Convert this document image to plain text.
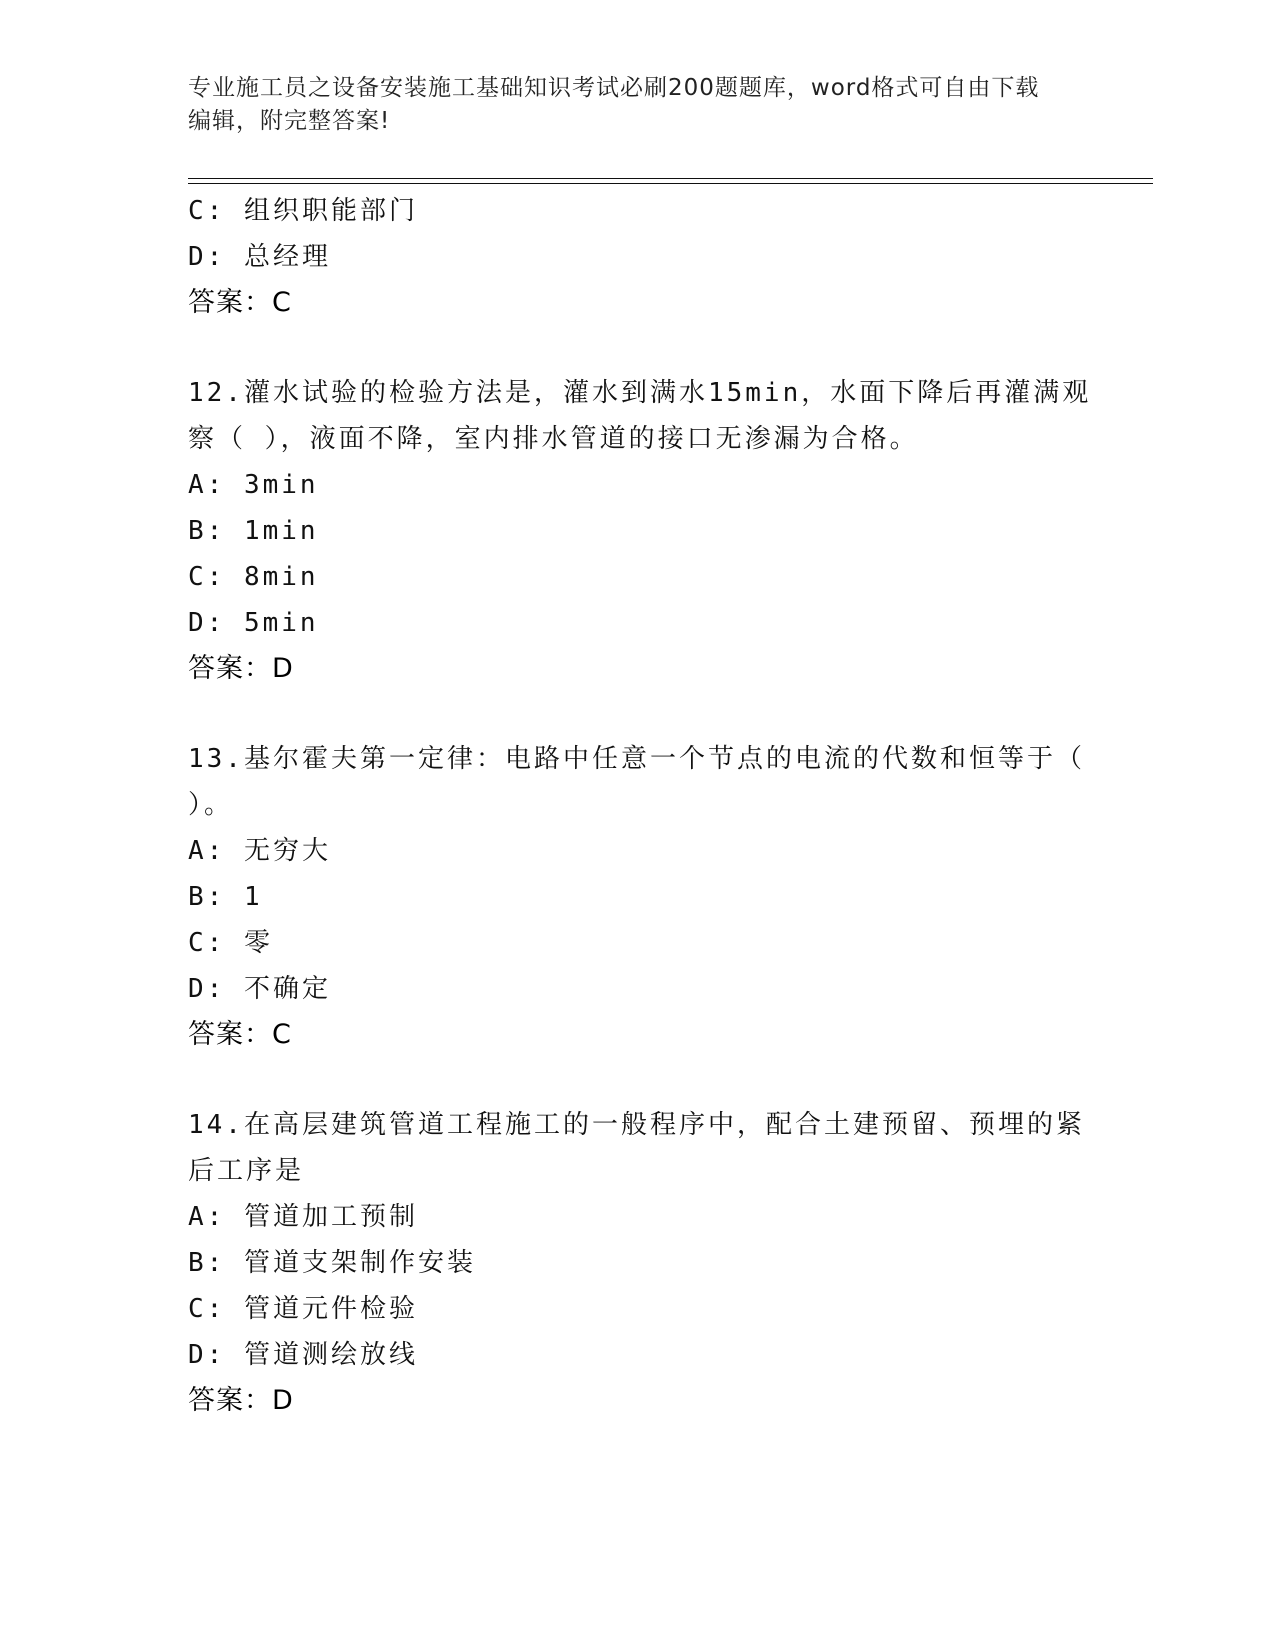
专业施工员之设备安装施工基础知识考试必刷200题题库，word格式可自由下载
编辑，附完整答案!
C: 组织职能部门
D: 总经理
答案：C
12.灌水试验的检验方法是，灌水到满水15min，水面下降后再灌满观
察（ ），液面不降，室内排水管道的接口无渗漏为合格。
A: 3min
B: 1min
C: 8min
D: 5min
答案：D
13.基尔霍夫第一定律：电路中任意一个节点的电流的代数和恒等于（
）。
A: 无穷大
B: 1
C: 零
D: 不确定
答案：C
14.在高层建筑管道工程施工的一般程序中，配合土建预留、预埋的紧
后工序是
A: 管道加工预制
B: 管道支架制作安装
C: 管道元件检验
D: 管道测绘放线
答案：D
